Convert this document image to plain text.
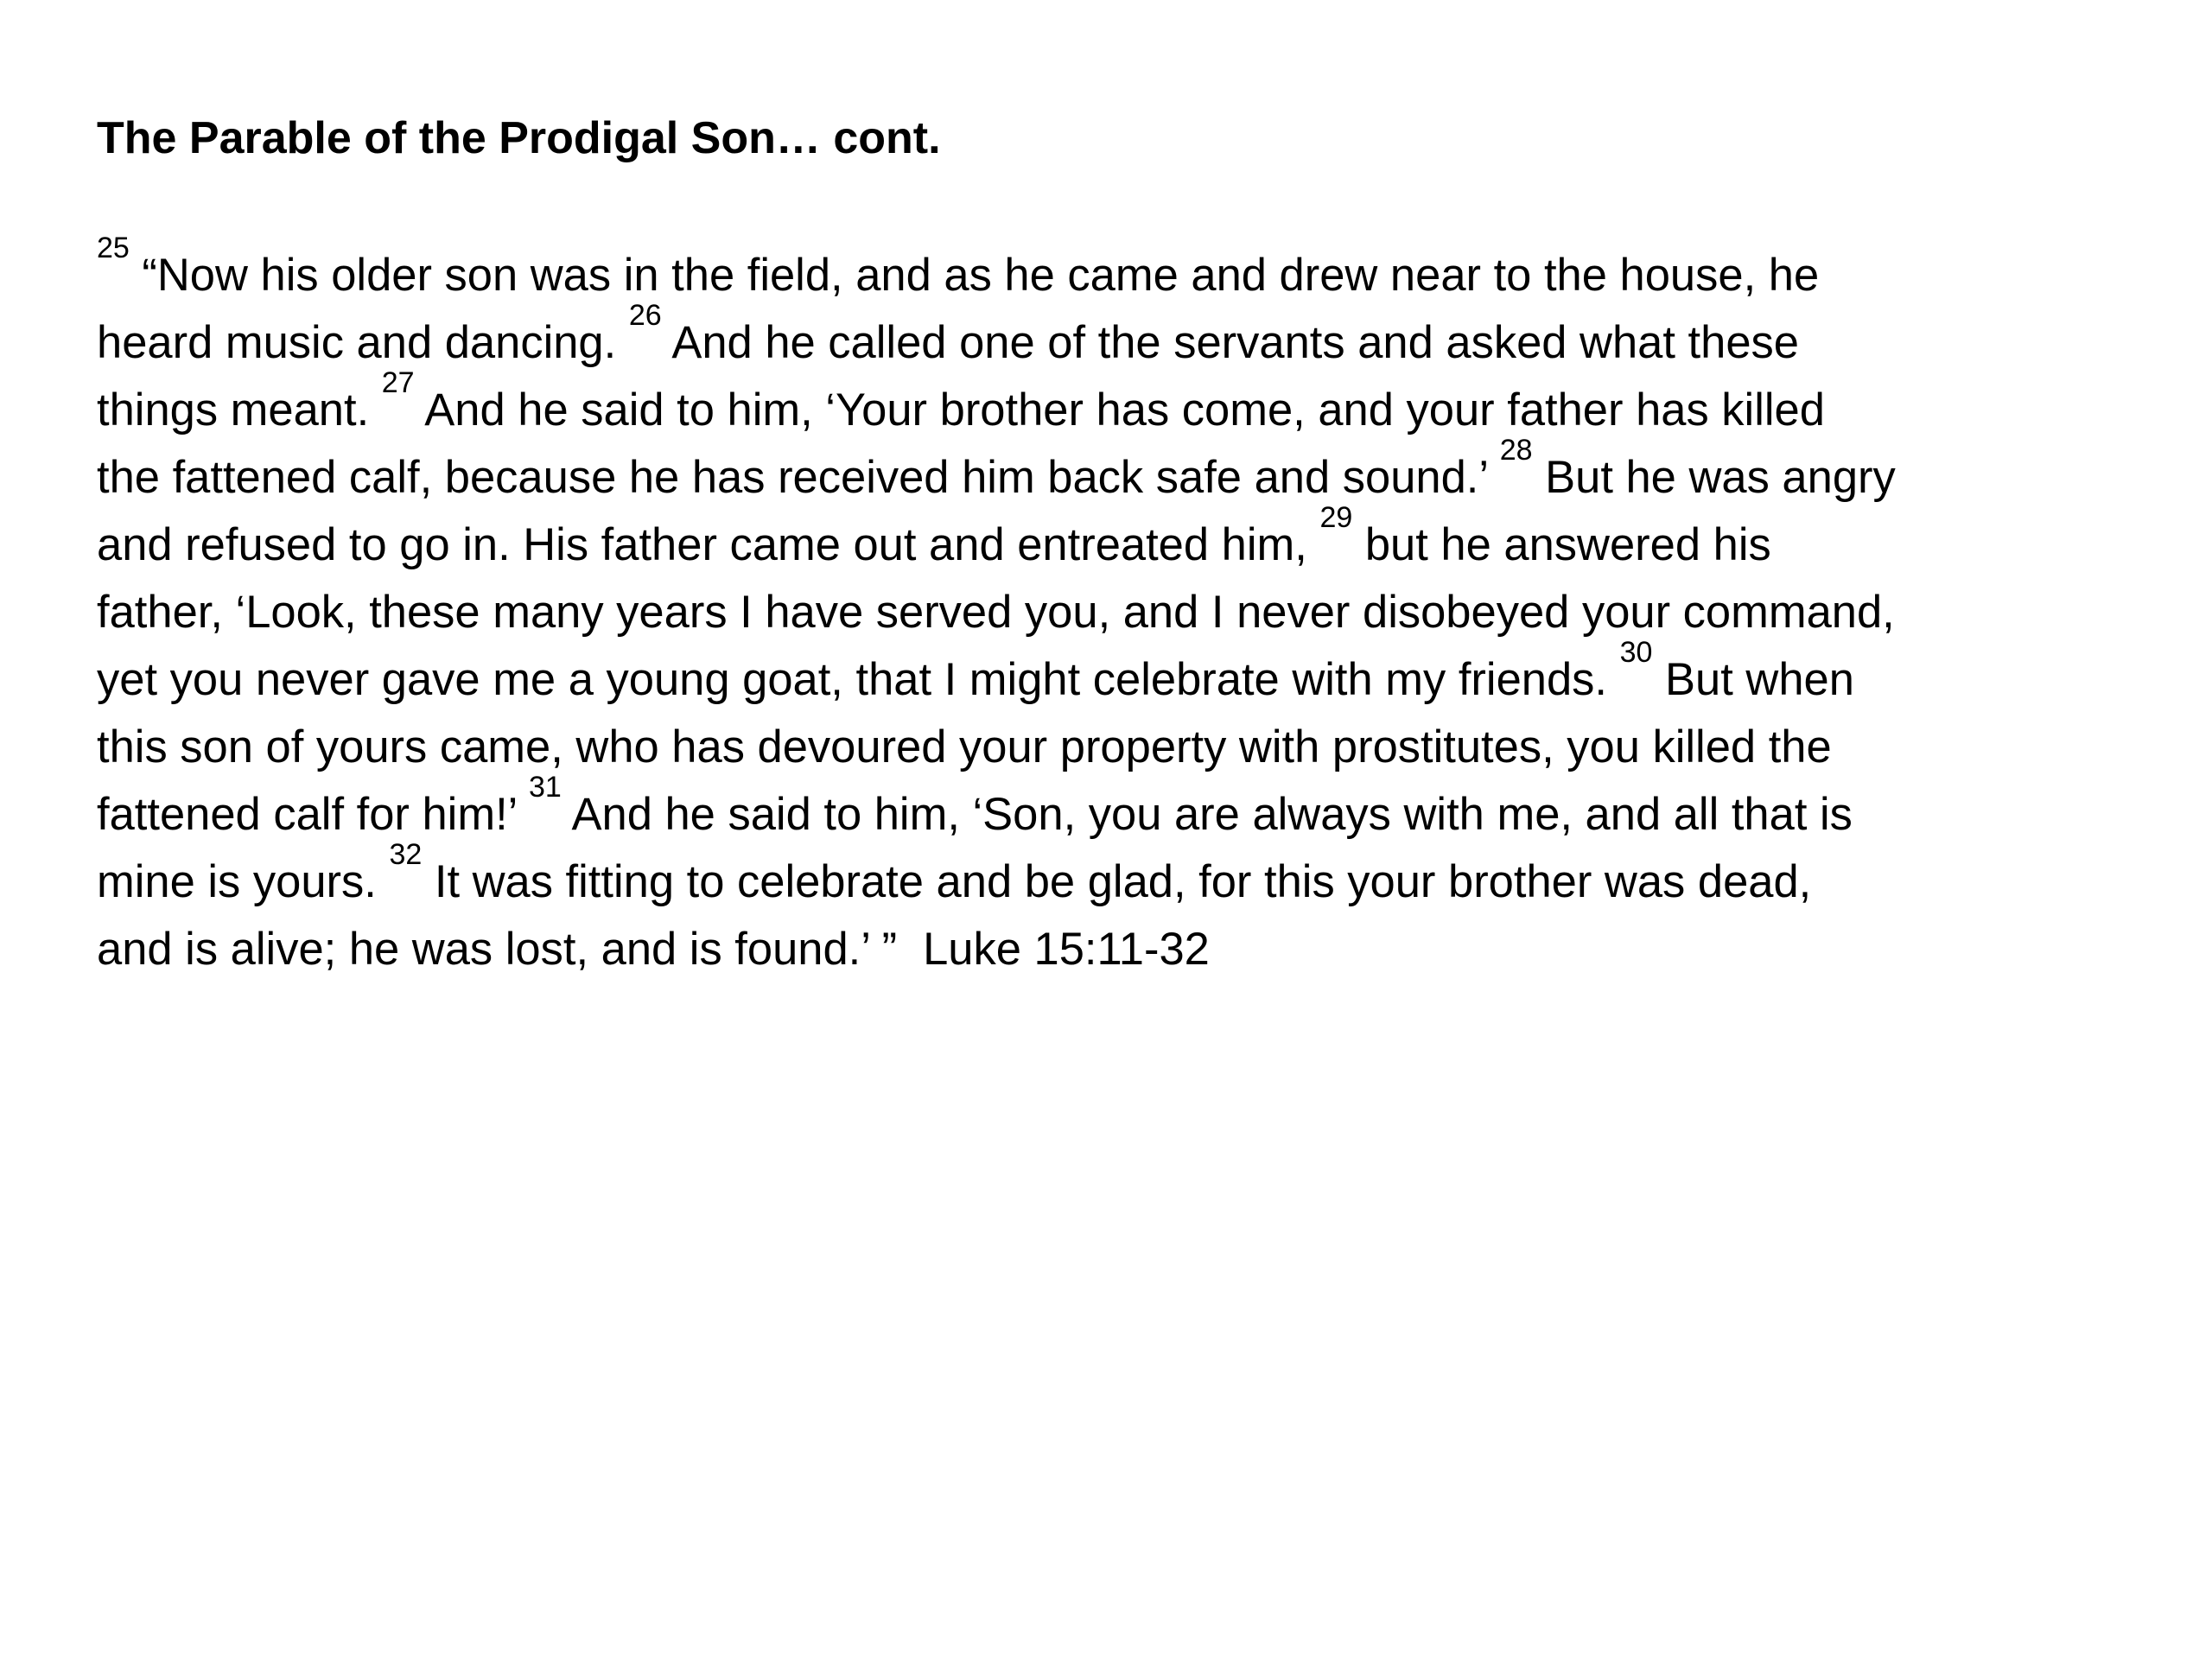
The Parable of the Prodigal Son… cont.
$^{25}$ “Now his older son was in the field, and as he came and drew near to the house, he
heard music and dancing. $^{26}$ And he called one of the servants and asked what these
things meant. $^{27}$ And he said to him, ‘Your brother has come, and your father has killed
the fattened calf, because he has received him back safe and sound.’ $^{28}$ But he was angry
and refused to go in. His father came out and entreated him, $^{29}$ but he answered his
father, ‘Look, these many years I have served you, and I never disobeyed your command,
yet you never gave me a young goat, that I might celebrate with my friends. $^{30}$ But when
this son of yours came, who has devoured your property with prostitutes, you killed the
fattened calf for him!’ $^{31}$ And he said to him, ‘Son, you are always with me, and all that is
mine is yours. $^{32}$ It was fitting to celebrate and be glad, for this your brother was dead,
and is alive; he was lost, and is found.’ ” Luke 15:11-32
